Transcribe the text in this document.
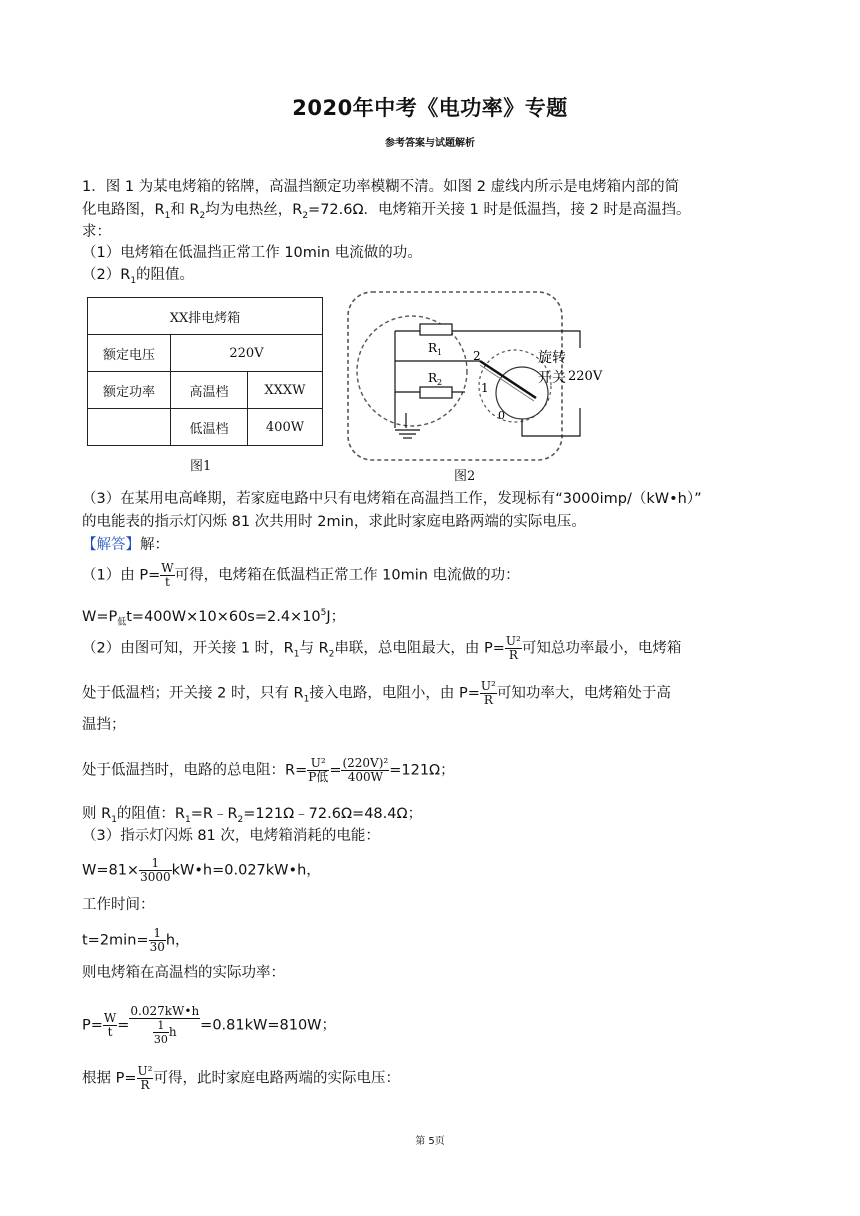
2020年中考《电功率》专题
参考答案与试题解析
1．图 1 为某电烤箱的铭牌，高温挡额定功率模糊不清。如图 2 虚线内所示是电烤箱内部的简
化电路图，$R_1$和 $R_2$均为电热丝，$R_2=72.6\Omega$．电烤箱开关接 1 时是低温挡，接 2 时是高温挡。
求：
（1）电烤箱在低温挡正常工作 10min 电流做的功。
$(2)R_1$的阻值。
XX排电烤箱		
额定电压	220V	
额定功率	高温档	XXXW
	低温档	400W
图1
$R_1$
$R_2$
2
1
0
旋转
开关 220V
图2
（3）在某用电高峰期，若家庭电路中只有电烤箱在高温挡工作，发现标有“3000imp/（kW•h）”
的电能表的指示灯闪烁 81 次共用时 2min，求此时家庭电路两端的实际电压。
【解答】解：
（1）由 $P= \frac{W}{t}$ 可得，电烤箱在低温档正常工作 10min 电流做的功：
$W=P_低t=400W\times 10\times 60s=2.4\times 10^5J$；
（2）由图可知，开关接 1 时，$R_1$与 $R_2$串联，总电阻最大，由 $P= \frac{\text{U²}}{R}$ 可知总功率最小，电烤箱
处于低温档；开关接 2 时，只有 $R_1$接入电路，电阻小，由 $P= \frac{\text{U²}}{R}$ 可知功率大，电烤箱处于高
温挡；
处于低温挡时，电路的总电阻：$R= \frac{\text{U²}}{\text{P低}} = \frac{\text{(220V)²}}{400W} =121\Omega$；
则 $R_1$的阻值：$R_1=R﹣R_2=121\Omega﹣72.6\Omega=48.4\Omega$；
（3）指示灯闪烁 81 次，电烤箱消耗的电能：
$W=81\times \frac{1}{3000}$ kW•h=0.027kW•h，
工作时间：
$t=2\min= \frac{1}{30}$ h，
则电烤箱在高温档的实际功率：
$P= \frac{W}{t} = \frac{0.027kW•h}{\frac{1}{30} h} =0.81kW=810W$；
根据 $P= \frac{\text{U²}}{R}$ 可得，此时家庭电路两端的实际电压：
第 5页
